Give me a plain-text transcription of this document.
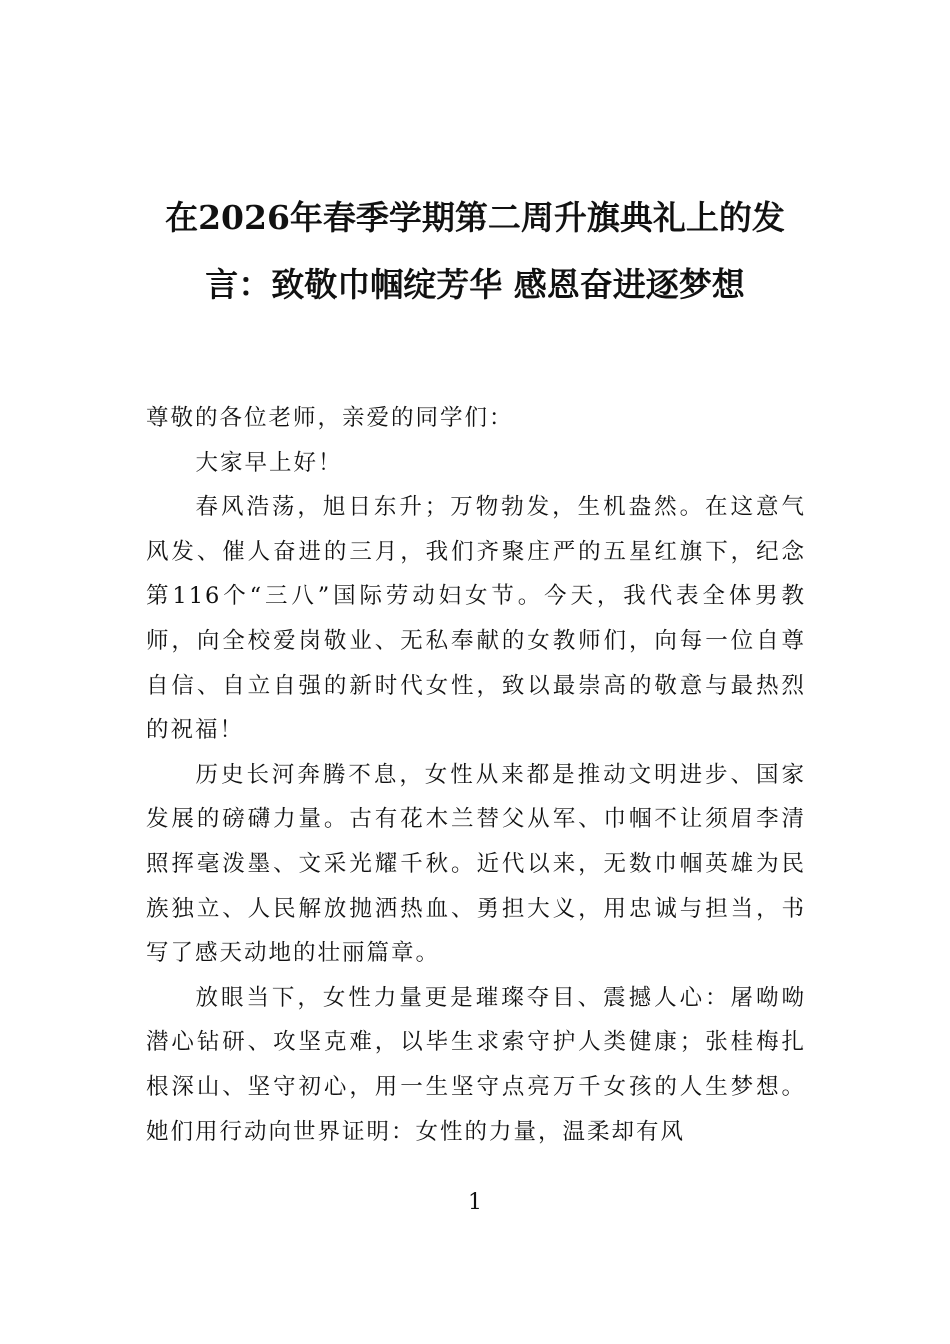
在2026年春季学期第二周升旗典礼上的发
言：致敬巾帼绽芳华 感恩奋进逐梦想

尊敬的各位老师，亲爱的同学们：

大家早上好！

春风浩荡，旭日东升；万物勃发，生机盎然。在这意气风发、催人奋进的三月，我们齐聚庄严的五星红旗下，纪念第116个“三八”国际劳动妇女节。今天，我代表全体男教师，向全校爱岗敬业、无私奉献的女教师们，向每一位自尊自信、自立自强的新时代女性，致以最崇高的敬意与最热烈的祝福！

历史长河奔腾不息，女性从来都是推动文明进步、国家发展的磅礴力量。古有花木兰替父从军、巾帼不让须眉李清照挥毫泼墨、文采光耀千秋。近代以来，无数巾帼英雄为民族独立、人民解放抛洒热血、勇担大义，用忠诚与担当，书写了感天动地的壮丽篇章。

放眼当下，女性力量更是璀璨夺目、震撼人心：屠呦呦潜心钻研、攻坚克难，以毕生求索守护人类健康；张桂梅扎根深山、坚守初心，用一生坚守点亮万千女孩的人生梦想。她们用行动向世界证明：女性的力量，温柔却有风

1
